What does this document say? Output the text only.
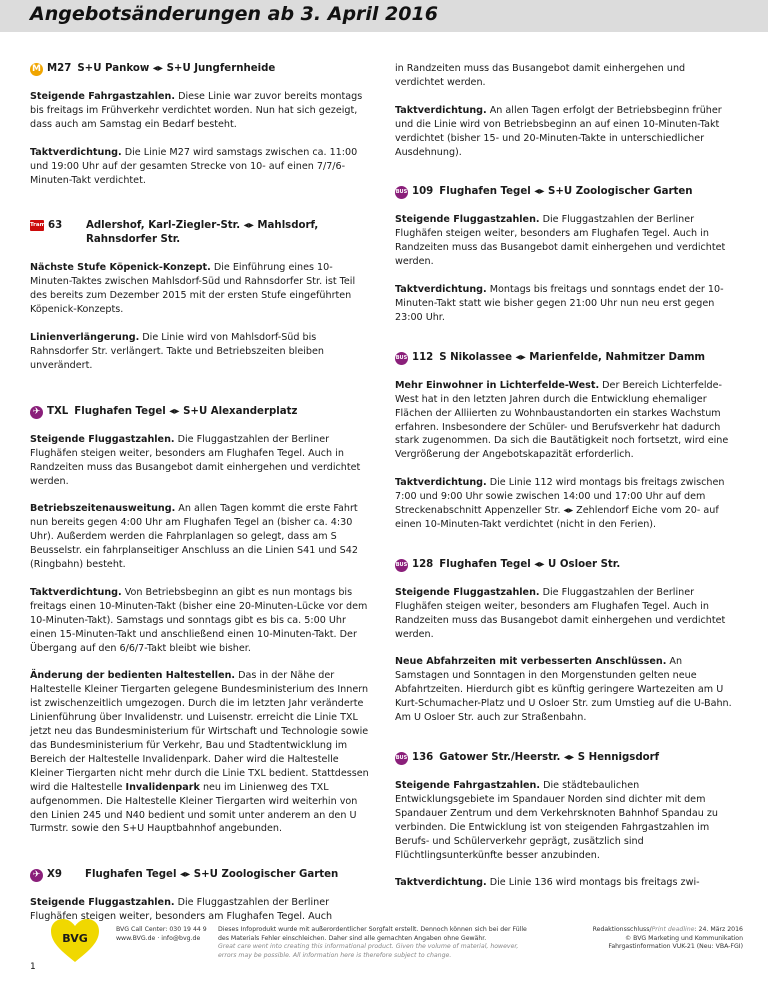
Angebotsänderungen ab 3. April 2016
M M27 S+U Pankow ◂▸ S+U Jungfernheide

Steigende Fahrgastzahlen. Diese Linie war zuvor bereits montags bis freitags im Frühverkehr verdichtet worden. Nun hat sich gezeigt, dass auch am Samstag ein Bedarf besteht.

Taktverdichtung. Die Linie M27 wird samstags zwischen ca. 11:00 und 19:00 Uhr auf der gesamten Strecke von 10- auf einen 7/7/6-Minuten-Takt verdichtet.

Tram 63	Adlershof, Karl-Ziegler-Str. ◂▸ Mahlsdorf, Rahnsdorfer Str.

Nächste Stufe Köpenick-Konzept. Die Einführung eines 10-Minuten-Taktes zwischen Mahlsdorf-Süd und Rahnsdorfer Str. ist Teil des bereits zum Dezember 2015 mit der ersten Stufe eingeführten Köpenick-Konzepts.

Linienverlängerung. Die Linie wird von Mahlsdorf-Süd bis Rahnsdorfer Str. verlängert. Takte und Betriebszeiten bleiben unverändert.

✈ TXL Flughafen Tegel ◂▸ S+U Alexanderplatz

Steigende Fluggastzahlen. Die Fluggastzahlen der Berliner Flughäfen steigen weiter, besonders am Flughafen Tegel. Auch in Randzeiten muss das Busangebot damit einhergehen und verdichtet werden.

Betriebszeitenausweitung. An allen Tagen kommt die erste Fahrt nun bereits gegen 4:00 Uhr am Flughafen Tegel an (bisher ca. 4:30 Uhr). Außerdem werden die Fahrplanlagen so gelegt, dass am S Beusselstr. ein fahrplanseitiger Anschluss an die Linien S41 und S42 (Ringbahn) besteht.

Taktverdichtung. Von Betriebsbeginn an gibt es nun montags bis freitags einen 10-Minuten-Takt (bisher eine 20-Minuten-Lücke vor dem 10-Minuten-Takt). Samstags und sonntags gibt es bis ca. 5:00 Uhr einen 15-Minuten-Takt und anschließend einen 10-Minuten-Takt. Der Übergang auf den 6/6/7-Takt bleibt wie bisher.

Änderung der bedienten Haltestellen. Das in der Nähe der Haltestelle Kleiner Tiergarten gelegene Bundesministerium des Innern ist zwischenzeitlich umgezogen. Durch die im letzten Jahr veränderte Linienführung über Invalidenstr. und Luisenstr. erreicht die Linie TXL jetzt neu das Bundesministerium für Wirtschaft und Technologie sowie das Bundesministerium für Verkehr, Bau und Stadtentwicklung im Bereich der Haltestelle Invalidenpark. Daher wird die Haltestelle Kleiner Tiergarten nicht mehr durch die Linie TXL bedient. Stattdessen wird die Haltestelle Invalidenpark neu im Linienweg des TXL aufgenommen. Die Haltestelle Kleiner Tiergarten wird weiterhin von den Linien 245 und N40 bedient und somit unter anderem an den U Turmstr. sowie den S+U Hauptbahnhof angebunden.

✈ X9	Flughafen Tegel ◂▸ S+U Zoologischer Garten

Steigende Fluggastzahlen. Die Fluggastzahlen der Berliner Flughäfen steigen weiter, besonders am Flughafen Tegel. Auch

in Randzeiten muss das Busangebot damit einhergehen und verdichtet werden.

Taktverdichtung. An allen Tagen erfolgt der Betriebsbeginn früher und die Linie wird von Betriebsbeginn an auf einen 10-Minuten-Takt verdichtet (bisher 15- und 20-Minuten-Takte in unterschiedlicher Ausdehnung).

BUS 109 Flughafen Tegel ◂▸ S+U Zoologischer Garten

Steigende Fluggastzahlen. Die Fluggastzahlen der Berliner Flughäfen steigen weiter, besonders am Flughafen Tegel. Auch in Randzeiten muss das Busangebot damit einhergehen und verdichtet werden.

Taktverdichtung. Montags bis freitags und sonntags endet der 10-Minuten-Takt statt wie bisher gegen 21:00 Uhr nun neu erst gegen 23:00 Uhr.

BUS 112 S Nikolassee ◂▸ Marienfelde, Nahmitzer Damm

Mehr Einwohner in Lichterfelde-West. Der Bereich Lichterfelde-West hat in den letzten Jahren durch die Entwicklung ehemaliger Flächen der Alliierten zu Wohnbaustandorten ein starkes Wachstum erfahren. Insbesondere der Schüler- und Berufsverkehr hat dadurch stark zugenommen. Da sich die Bautätigkeit noch fortsetzt, wird eine Vergrößerung der Angebotskapazität erforderlich.

Taktverdichtung. Die Linie 112 wird montags bis freitags zwischen 7:00 und 9:00 Uhr sowie zwischen 14:00 und 17:00 Uhr auf dem Streckenabschnitt Appenzeller Str. ◂▸ Zehlendorf Eiche vom 20- auf einen 10-Minuten-Takt verdichtet (nicht in den Ferien).

BUS 128 Flughafen Tegel ◂▸ U Osloer Str.

Steigende Fluggastzahlen. Die Fluggastzahlen der Berliner Flughäfen steigen weiter, besonders am Flughafen Tegel. Auch in Randzeiten muss das Busangebot damit einhergehen und verdichtet werden.

Neue Abfahrzeiten mit verbesserten Anschlüssen. An Samstagen und Sonntagen in den Morgenstunden gelten neue Abfahrtzeiten. Hierdurch gibt es künftig geringere Wartezeiten am U Kurt-Schumacher-Platz und U Osloer Str. zum Umstieg auf die U-Bahn. Am U Osloer Str. auch zur Straßenbahn.

BUS 136 Gatower Str./Heerstr. ◂▸ S Hennigsdorf

Steigende Fahrgastzahlen. Die städtebaulichen Entwicklungsgebiete im Spandauer Norden sind dichter mit dem Spandauer Zentrum und dem Verkehrsknoten Bahnhof Spandau zu verbinden. Die Entwicklung ist von steigenden Fahrgastzahlen im Berufs- und Schülerverkehr geprägt, zusätzlich sind Flüchtlingsunterkünfte besser anzubinden.

Taktverdichtung. Die Linie 136 wird montags bis freitags zwi-

BVG
BVG Call Center: 030 19 44 9
www.BVG.de · info@bvg.de
Dieses Infoprodukt wurde mit außerordentlicher Sorgfalt erstellt. Dennoch können sich bei der Fülle des Materials Fehler einschleichen. Daher sind alle gemachten Angaben ohne Gewähr.
Great care went into creating this informational product. Given the volume of material, however, errors may be possible. All information here is therefore subject to change.
Redaktionsschluss/Print deadline: 24. März 2016
© BVG Marketing und Kommunikation
Fahrgastinformation VUK-21 (Neu: VBA-FGI)
1
